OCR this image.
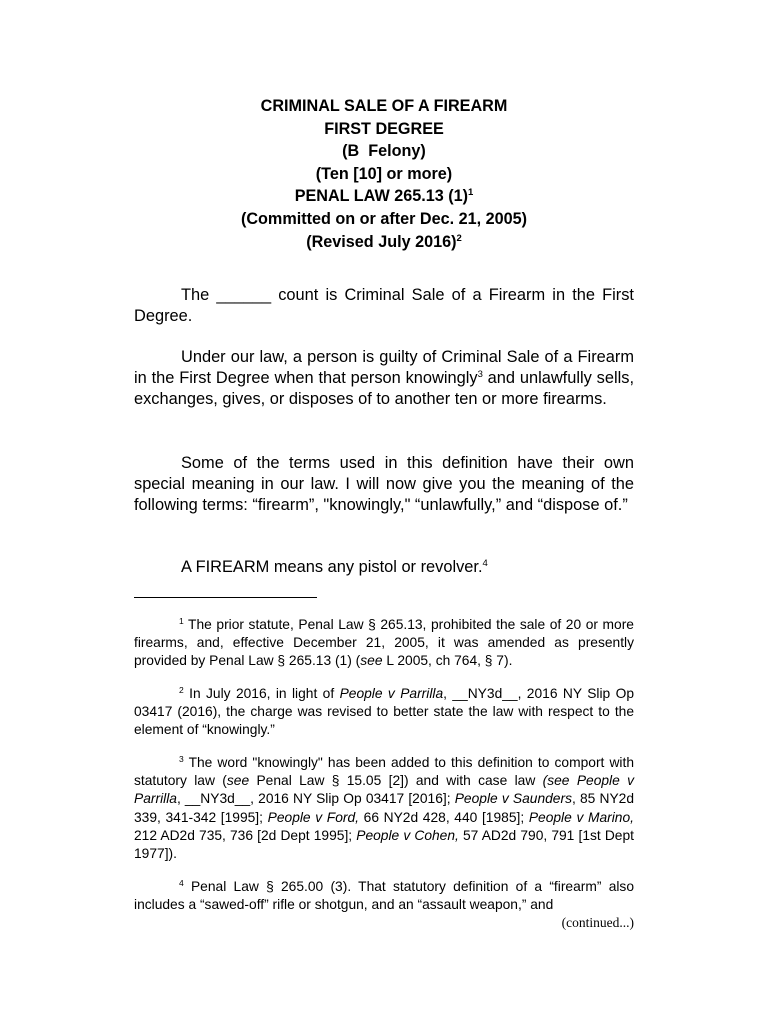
CRIMINAL SALE OF A FIREARM
FIRST DEGREE
(B  Felony)
(Ten [10] or more)
PENAL LAW 265.13 $(1)^1$
(Committed on or after Dec. 21, 2005)
(Revised July 2016)$^2$
The ______ count is Criminal Sale of a Firearm in the First Degree.
Under our law, a person is guilty of Criminal Sale of a Firearm in the First Degree when that person knowingly$^3$ and unlawfully sells, exchanges, gives, or disposes of to another ten or more firearms.
Some of the terms used in this definition have their own special meaning in our law. I will now give you the meaning of the following terms: “firearm”, "knowingly," “unlawfully,” and “dispose of.”
A FIREARM means any pistol or revolver.$^4$
$^1$ The prior statute, Penal Law § 265.13, prohibited the sale of 20 or more firearms, and, effective December 21, 2005, it was amended as presently provided by Penal Law § 265.13 (1) (see L 2005, ch 764, § 7).
$^2$ In July 2016, in light of People v Parrilla, __NY3d__, 2016 NY Slip Op 03417 (2016), the charge was revised to better state the law with respect to the element of “knowingly.”
$^3$ The word "knowingly" has been added to this definition to comport with statutory law (see Penal Law § 15.05 [2]) and with case law (see People v Parrilla, __NY3d__, 2016 NY Slip Op 03417 [2016]; People v Saunders, 85 NY2d 339, 341-342 [1995]; People v Ford, 66 NY2d 428, 440 [1985]; People v Marino, 212 AD2d 735, 736 [2d Dept 1995]; People v Cohen, 57 AD2d 790, 791 [1st Dept 1977]).
$^4$ Penal Law § 265.00 (3). That statutory definition of a “firearm” also includes a “sawed-off” rifle or shotgun, and an “assault weapon,” and
(continued...)
